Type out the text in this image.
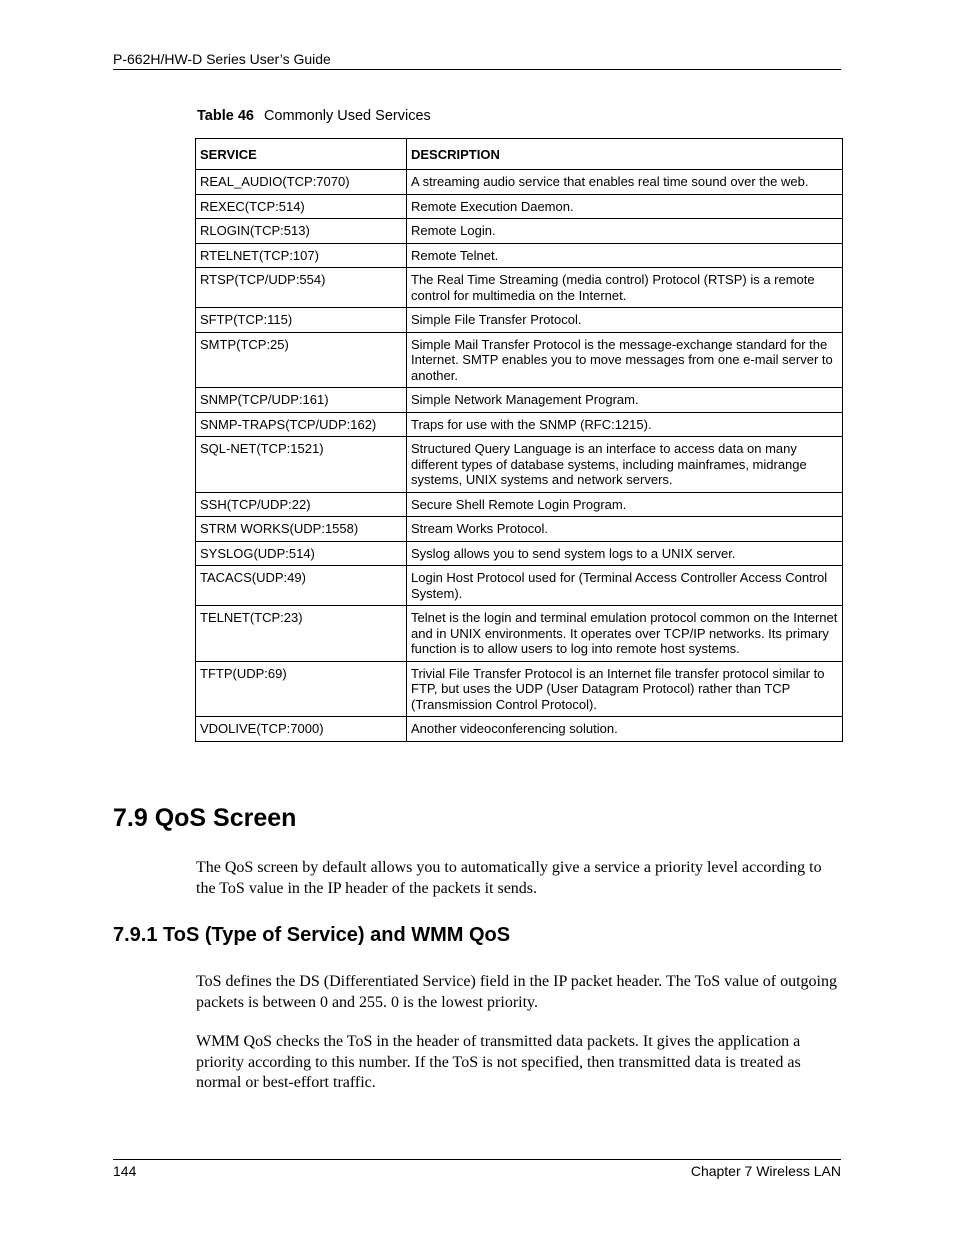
P-662H/HW-D Series User’s Guide
Table 46 Commonly Used Services
SERVICE	DESCRIPTION
REAL_AUDIO(TCP:7070)	A streaming audio service that enables real time sound over the web.
REXEC(TCP:514)	Remote Execution Daemon.
RLOGIN(TCP:513)	Remote Login.
RTELNET(TCP:107)	Remote Telnet.
RTSP(TCP/UDP:554)	The Real Time Streaming (media control) Protocol (RTSP) is a remote control for multimedia on the Internet.
SFTP(TCP:115)	Simple File Transfer Protocol.
SMTP(TCP:25)	Simple Mail Transfer Protocol is the message-exchange standard for the Internet. SMTP enables you to move messages from one e-mail server to another.
SNMP(TCP/UDP:161)	Simple Network Management Program.
SNMP-TRAPS(TCP/UDP:162)	Traps for use with the SNMP (RFC:1215).
SQL-NET(TCP:1521)	Structured Query Language is an interface to access data on many different types of database systems, including mainframes, midrange systems, UNIX systems and network servers.
SSH(TCP/UDP:22)	Secure Shell Remote Login Program.
STRM WORKS(UDP:1558)	Stream Works Protocol.
SYSLOG(UDP:514)	Syslog allows you to send system logs to a UNIX server.
TACACS(UDP:49)	Login Host Protocol used for (Terminal Access Controller Access Control System).
TELNET(TCP:23)	Telnet is the login and terminal emulation protocol common on the Internet and in UNIX environments. It operates over TCP/IP networks. Its primary function is to allow users to log into remote host systems.
TFTP(UDP:69)	Trivial File Transfer Protocol is an Internet file transfer protocol similar to FTP, but uses the UDP (User Datagram Protocol) rather than TCP (Transmission Control Protocol).
VDOLIVE(TCP:7000)	Another videoconferencing solution.
7.9 QoS Screen

The QoS screen by default allows you to automatically give a service a priority level according to the ToS value in the IP header of the packets it sends.

7.9.1 ToS (Type of Service) and WMM QoS

ToS defines the DS (Differentiated Service) field in the IP packet header. The ToS value of outgoing packets is between 0 and 255. 0 is the lowest priority.

WMM QoS checks the ToS in the header of transmitted data packets. It gives the application a priority according to this number. If the ToS is not specified, then transmitted data is treated as normal or best-effort traffic.

144	Chapter 7 Wireless LAN
